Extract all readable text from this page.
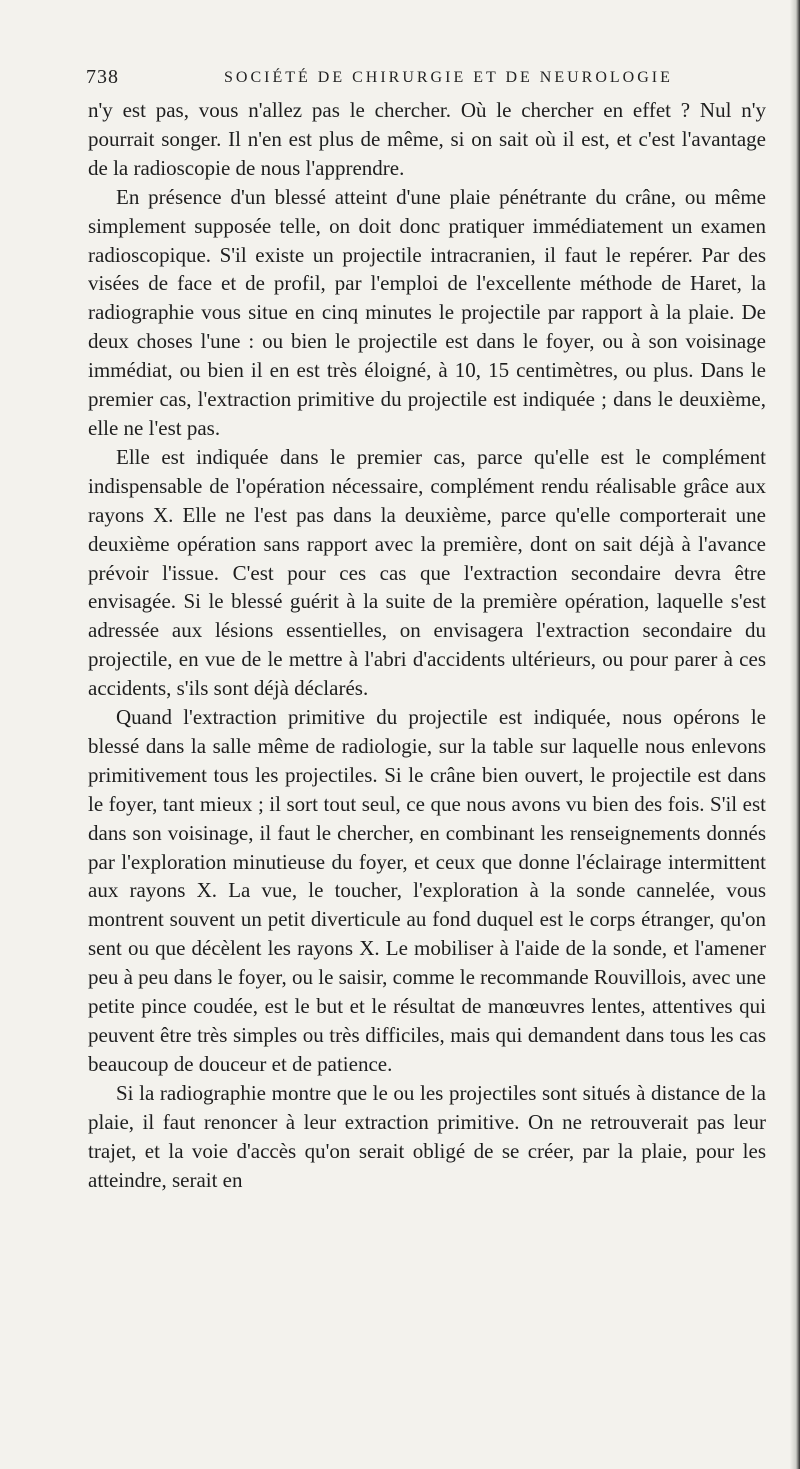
738	SOCIÉTÉ DE CHIRURGIE ET DE NEUROLOGIE

n'y est pas, vous n'allez pas le chercher. Où le chercher en effet ? Nul n'y pourrait songer. Il n'en est plus de même, si on sait où il est, et c'est l'avantage de la radioscopie de nous l'apprendre.

En présence d'un blessé atteint d'une plaie pénétrante du crâne, ou même simplement supposée telle, on doit donc pratiquer immédiatement un examen radioscopique. S'il existe un projectile intracranien, il faut le repérer. Par des visées de face et de profil, par l'emploi de l'excellente méthode de Haret, la radiographie vous situe en cinq minutes le projectile par rapport à la plaie. De deux choses l'une : ou bien le projectile est dans le foyer, ou à son voisinage immédiat, ou bien il en est très éloigné, à 10, 15 centimètres, ou plus. Dans le premier cas, l'extraction primitive du projectile est indiquée ; dans le deuxième, elle ne l'est pas.

Elle est indiquée dans le premier cas, parce qu'elle est le complément indispensable de l'opération nécessaire, complément rendu réalisable grâce aux rayons X. Elle ne l'est pas dans la deuxième, parce qu'elle comporterait une deuxième opération sans rapport avec la première, dont on sait déjà à l'avance prévoir l'issue. C'est pour ces cas que l'extraction secondaire devra être envisagée. Si le blessé guérit à la suite de la première opération, laquelle s'est adressée aux lésions essentielles, on envisagera l'extraction secondaire du projectile, en vue de le mettre à l'abri d'accidents ultérieurs, ou pour parer à ces accidents, s'ils sont déjà déclarés.

Quand l'extraction primitive du projectile est indiquée, nous opérons le blessé dans la salle même de radiologie, sur la table sur laquelle nous enlevons primitivement tous les projectiles. Si le crâne bien ouvert, le projectile est dans le foyer, tant mieux ; il sort tout seul, ce que nous avons vu bien des fois. S'il est dans son voisinage, il faut le chercher, en combinant les renseignements donnés par l'exploration minutieuse du foyer, et ceux que donne l'éclairage intermittent aux rayons X. La vue, le toucher, l'exploration à la sonde cannelée, vous montrent souvent un petit diverticule au fond duquel est le corps étranger, qu'on sent ou que décèlent les rayons X. Le mobiliser à l'aide de la sonde, et l'amener peu à peu dans le foyer, ou le saisir, comme le recommande Rouvillois, avec une petite pince coudée, est le but et le résultat de manœuvres lentes, attentives qui peuvent être très simples ou très difficiles, mais qui demandent dans tous les cas beaucoup de douceur et de patience.

Si la radiographie montre que le ou les projectiles sont situés à distance de la plaie, il faut renoncer à leur extraction primitive. On ne retrouverait pas leur trajet, et la voie d'accès qu'on serait obligé de se créer, par la plaie, pour les atteindre, serait en
